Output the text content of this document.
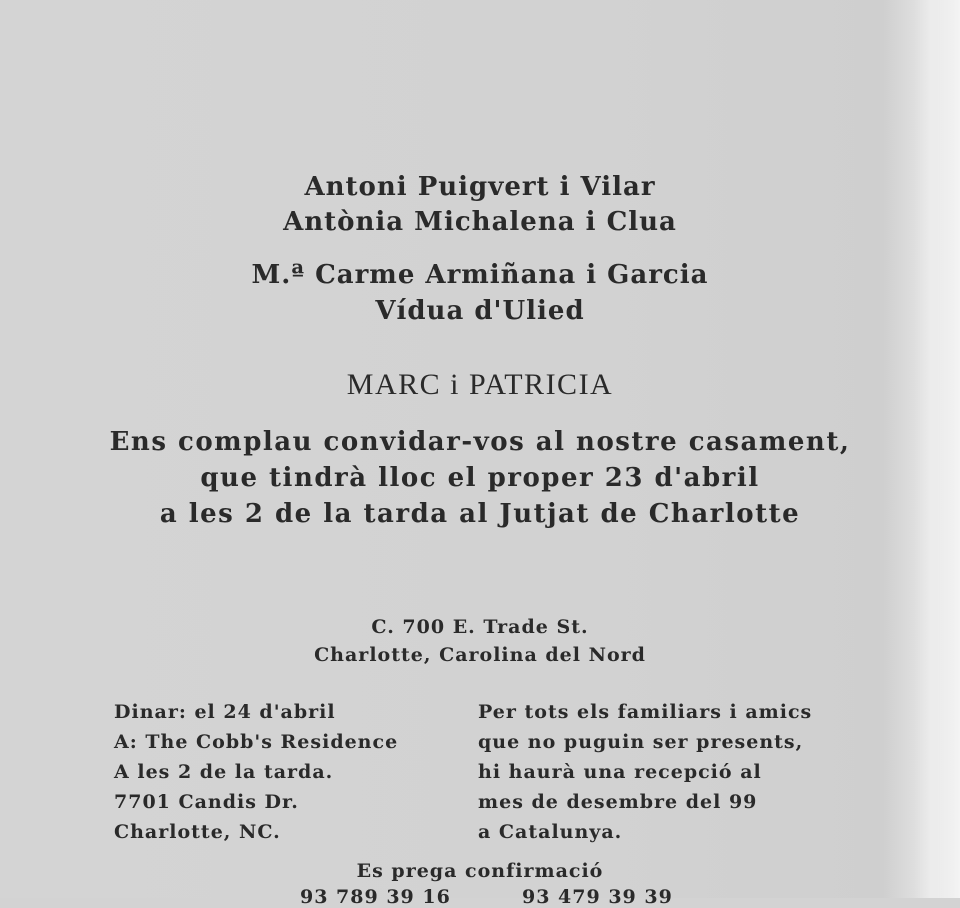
Antoni Puigvert i Vilar
Antònia Michalena i Clua
M.ª Carme Armiñana i Garcia
Vídua d'Ulied
MARC i PATRICIA
Ens complau convidar-vos al nostre casament,
que tindrà lloc el proper 23 d'abril
a les 2 de la tarda al Jutjat de Charlotte
C. 700 E. Trade St.
Charlotte, Carolina del Nord
Dinar: el 24 d'abril
A: The Cobb's Residence
A les 2 de la tarda.
7701 Candis Dr.
Charlotte, NC.
Per tots els familiars i amics
que no puguin ser presents,
hi haurà una recepció al
mes de desembre del 99
a Catalunya.
Es prega confirmació
93 789 39 16	93 479 39 39
